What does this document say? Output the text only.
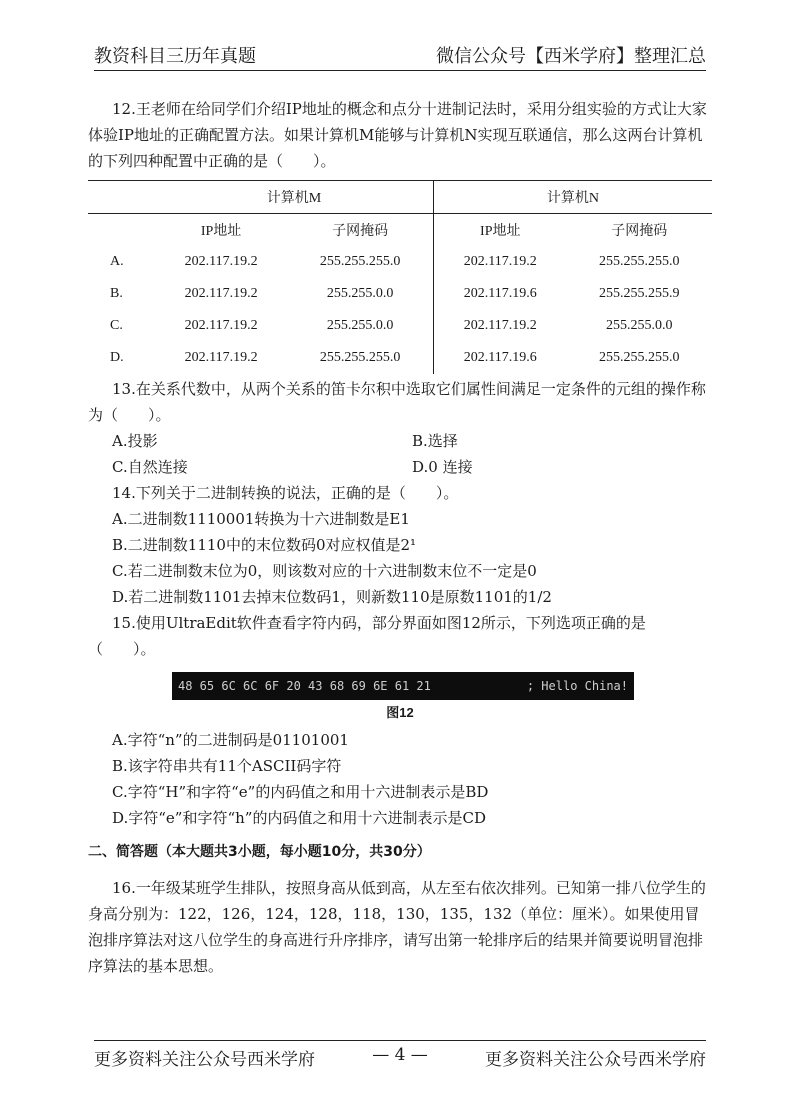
教资科目三历年真题	微信公众号【西米学府】整理汇总

12.王老师在给同学们介绍IP地址的概念和点分十进制记法时，采用分组实验的方式让大家体验IP地址的正确配置方法。如果计算机M能够与计算机N实现互联通信，那么这两台计算机的下列四种配置中正确的是（　　）。

	计算机M		计算机N	
	IP地址	子网掩码	IP地址	子网掩码
A.	202.117.19.2	255.255.255.0	202.117.19.2	255.255.255.0
B.	202.117.19.2	255.255.0.0	202.117.19.6	255.255.255.9
C.	202.117.19.2	255.255.0.0	202.117.19.2	255.255.0.0
D.	202.117.19.2	255.255.255.0	202.117.19.6	255.255.255.0

13.在关系代数中，从两个关系的笛卡尔积中选取它们属性间满足一定条件的元组的操作称为（　　）。

A.投影	B.选择
C.自然连接	D.0 连接

14.下列关于二进制转换的说法，正确的是（　　）。

A.二进制数1110001转换为十六进制数是E1
B.二进制数1110中的末位数码0对应权值是2¹
C.若二进制数末位为0，则该数对应的十六进制数末位不一定是0
D.若二进制数1101去掉末位数码1，则新数110是原数1101的1/2

15.使用UltraEdit软件查看字符内码，部分界面如图12所示，下列选项正确的是（　　）。

48 65 6C 6C 6F 20 43 68 69 6E 61 21	; Hello China!
图12
A.字符“n”的二进制码是01101001
B.该字符串共有11个ASCII码字符
C.字符“H”和字符“e”的内码值之和用十六进制表示是BD
D.字符“e”和字符“h”的内码值之和用十六进制表示是CD
二、简答题（本大题共3小题，每小题10分，共30分）

16.一年级某班学生排队，按照身高从低到高，从左至右依次排列。已知第一排八位学生的身高分别为：122，126，124，128，118，130，135，132（单位：厘米）。如果使用冒泡排序算法对这八位学生的身高进行升序排序，请写出第一轮排序后的结果并简要说明冒泡排序算法的基本思想。

更多资料关注公众号西米学府	— 4 —	更多资料关注公众号西米学府
